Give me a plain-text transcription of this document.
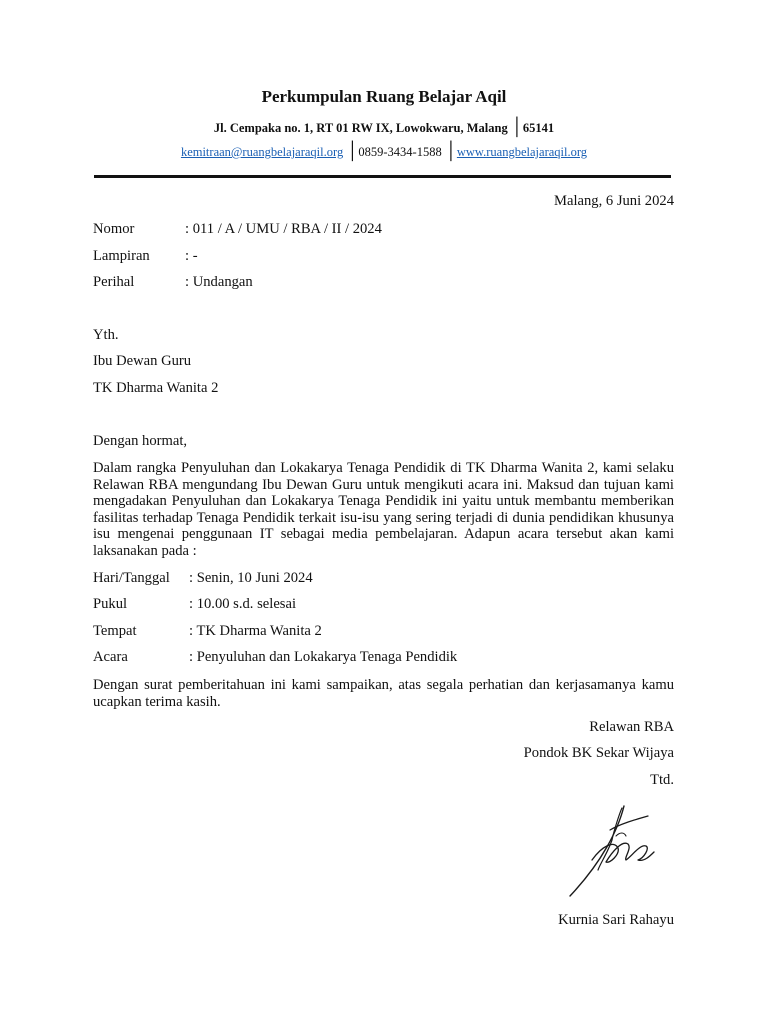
Perkumpulan Ruang Belajar Aqil
Jl. Cempaka no. 1, RT 01 RW IX, Lowokwaru, Malang │65141
kemitraan@ruangbelajaraqil.org │0859-3434-1588 │www.ruangbelajaraqil.org
Malang, 6 Juni 2024
Nomor	: 011 / A / UMU / RBA / II / 2024
Lampiran : -
Perihal	: Undangan
Yth.
Ibu Dewan Guru
TK Dharma Wanita 2
Dengan hormat,

Dalam rangka Penyuluhan dan Lokakarya Tenaga Pendidik di TK Dharma Wanita 2, kami selaku Relawan RBA mengundang Ibu Dewan Guru untuk mengikuti acara ini. Maksud dan tujuan kami mengadakan Penyuluhan dan Lokakarya Tenaga Pendidik ini yaitu untuk membantu memberikan fasilitas terhadap Tenaga Pendidik terkait isu-isu yang sering terjadi di dunia pendidikan khusunya isu mengenai penggunaan IT sebagai media pembelajaran. Adapun acara tersebut akan kami laksanakan pada :

Hari/Tanggal : Senin, 10 Juni 2024
Pukul	: 10.00 s.d. selesai
Tempat	: TK Dharma Wanita 2
Acara	: Penyuluhan dan Lokakarya Tenaga Pendidik

Dengan surat pemberitahuan ini kami sampaikan, atas segala perhatian dan kerjasamanya kamu ucapkan terima kasih.

Relawan RBA
Pondok BK Sekar Wijaya
Ttd.
Kurnia Sari Rahayu
